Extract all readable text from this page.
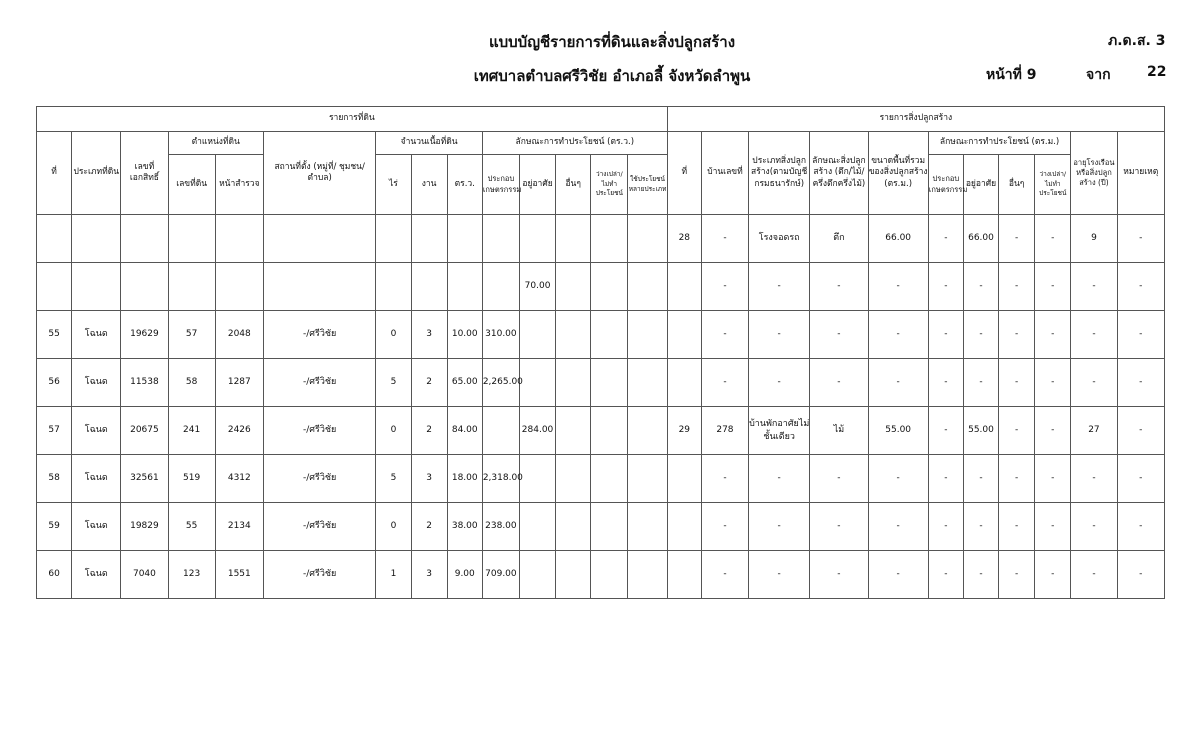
แบบบัญชีรายการที่ดินและสิ่งปลูกสร้าง	ภ.ด.ส. 3
เทศบาลตำบลศรีวิชัย อำเภอลี้ จังหวัดลำพูน	หน้าที่ 9	จาก	22
รายการที่ดิน														รายการสิ่งปลูกสร้าง										
ที่	ประเภทที่ดิน	เลขที่เอกสิทธิ์	ตำแหน่งที่ดิน		สถานที่ตั้ง (หมู่ที่/ ชุมชน/ ตำบล)	จำนวนเนื้อที่ดิน			ลักษณะการทำประโยชน์ (ตร.ว.)					ที่	บ้านเลขที่	ประเภทสิ่งปลูกสร้าง(ตามบัญชีกรมธนารักษ์)	ลักษณะสิ่งปลูกสร้าง (ตึก/ไม้/ ครึ่งตึกครึ่งไม้)	ขนาดพื้นที่รวมของสิ่งปลูกสร้าง (ตร.ม.)	ลักษณะการทำประโยชน์ (ตร.ม.)				อายุโรงเรือนหรือสิ่งปลูกสร้าง (ปี)	หมายเหตุ
			เลขที่ดิน	หน้าสำรวจ		ไร่	งาน	ตร.ว.	ประกอบเกษตรกรรม	อยู่อาศัย	อื่นๆ	ว่างเปล่า/ ไม่ทำประโยชน์	ใช้ประโยชน์หลายประเภท						ประกอบเกษตรกรรม	อยู่อาศัย	อื่นๆ	ว่างเปล่า/ ไม่ทำประโยชน์		
														28	-	โรงจอดรถ	ตึก	66.00	-	66.00	-	-	9	-
										70.00					-	-	-	-	-	-	-	-	-	-
55	โฉนด	19629	57	2048	-/ศรีวิชัย	0	3	10.00	310.00						-	-	-	-	-	-	-	-	-	-
56	โฉนด	11538	58	1287	-/ศรีวิชัย	5	2	65.00	2,265.00						-	-	-	-	-	-	-	-	-	-
57	โฉนด	20675	241	2426	-/ศรีวิชัย	0	2	84.00		284.00				29	278	บ้านพักอาศัยไม่ ชั้นเดียว	ไม้	55.00	-	55.00	-	-	27	-
58	โฉนด	32561	519	4312	-/ศรีวิชัย	5	3	18.00	2,318.00						-	-	-	-	-	-	-	-	-	-
59	โฉนด	19829	55	2134	-/ศรีวิชัย	0	2	38.00	238.00						-	-	-	-	-	-	-	-	-	-
60	โฉนด	7040	123	1551	-/ศรีวิชัย	1	3	9.00	709.00						-	-	-	-	-	-	-	-	-	-
